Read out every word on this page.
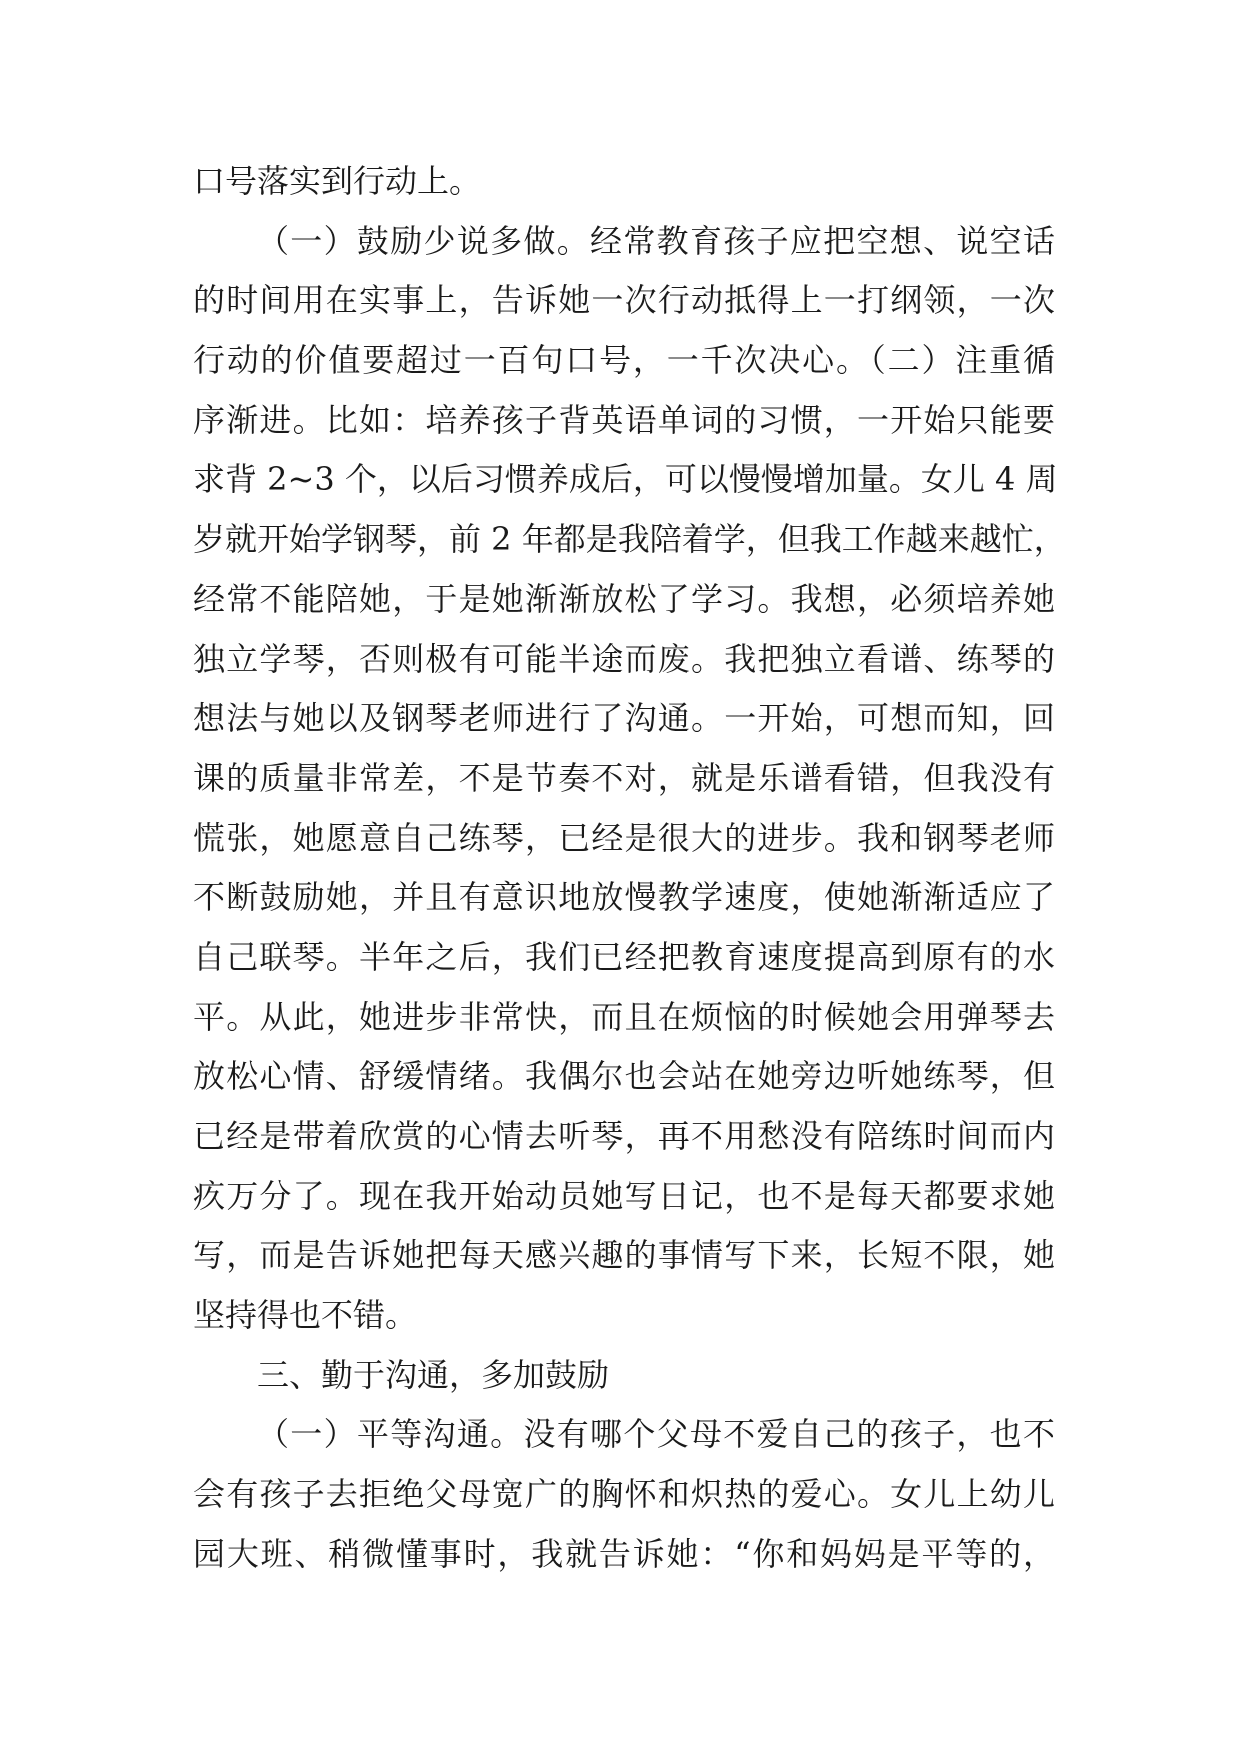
口号落实到行动上。
（一）鼓励少说多做。经常教育孩子应把空想、说空话
的时间用在实事上，告诉她一次行动抵得上一打纲领，一次
行动的价值要超过一百句口号，一千次决心。（二）注重循
序渐进。比如：培养孩子背英语单词的习惯，一开始只能要
求背 2~3 个，以后习惯养成后，可以慢慢增加量。女儿 4 周
岁就开始学钢琴，前 2 年都是我陪着学，但我工作越来越忙，
经常不能陪她，于是她渐渐放松了学习。我想，必须培养她
独立学琴，否则极有可能半途而废。我把独立看谱、练琴的
想法与她以及钢琴老师进行了沟通。一开始，可想而知，回
课的质量非常差，不是节奏不对，就是乐谱看错，但我没有
慌张，她愿意自己练琴，已经是很大的进步。我和钢琴老师
不断鼓励她，并且有意识地放慢教学速度，使她渐渐适应了
自己联琴。半年之后，我们已经把教育速度提高到原有的水
平。从此，她进步非常快，而且在烦恼的时候她会用弹琴去
放松心情、舒缓情绪。我偶尔也会站在她旁边听她练琴，但
已经是带着欣赏的心情去听琴，再不用愁没有陪练时间而内
疚万分了。现在我开始动员她写日记，也不是每天都要求她
写，而是告诉她把每天感兴趣的事情写下来，长短不限，她
坚持得也不错。
三、勤于沟通，多加鼓励
（一）平等沟通。没有哪个父母不爱自己的孩子，也不
会有孩子去拒绝父母宽广的胸怀和炽热的爱心。女儿上幼儿
园大班、稍微懂事时，我就告诉她：“你和妈妈是平等的，
